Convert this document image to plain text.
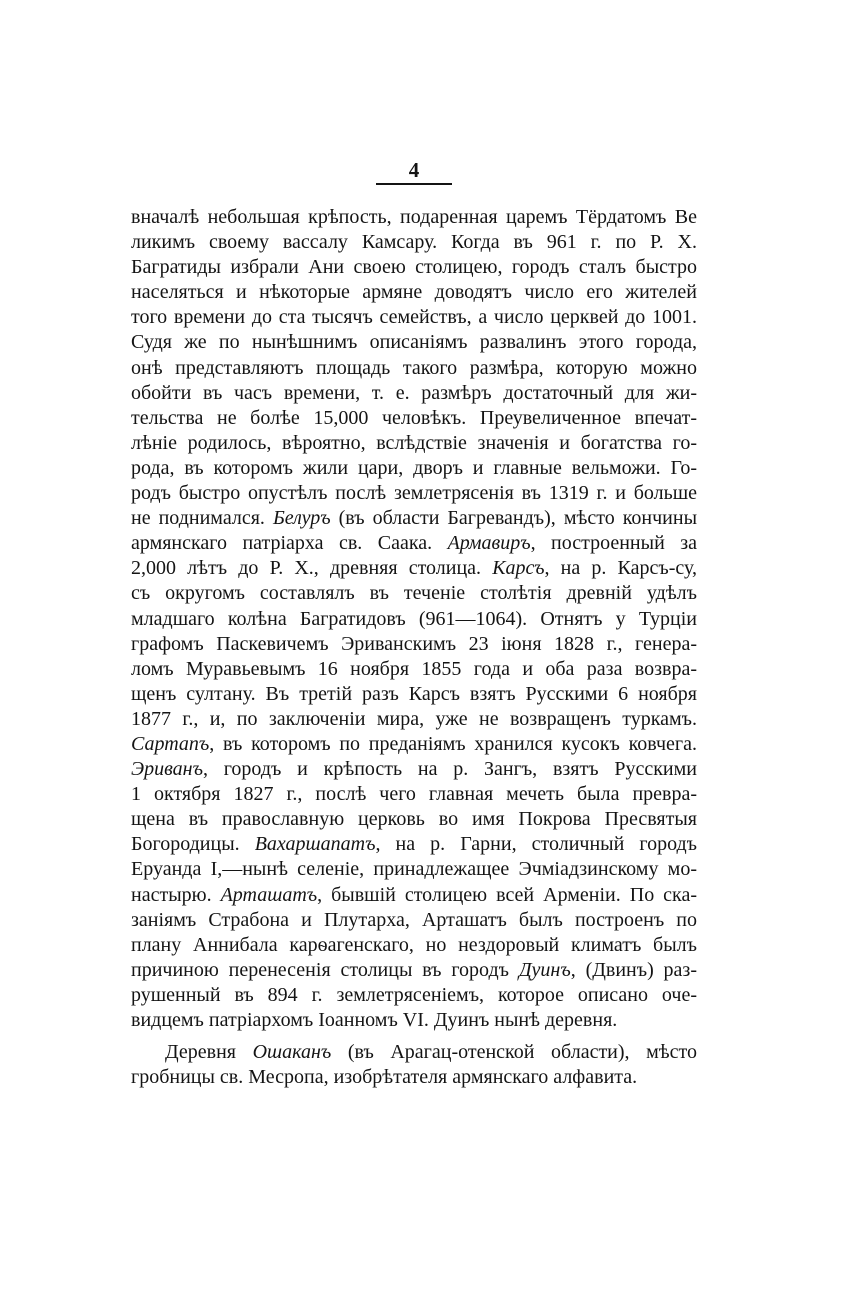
4
вначалѣ небольшая крѣпость, подаренная царемъ Тёрдатомъ Ве
ликимъ своему вассалу Камсару. Когда въ 961 г. по Р. Х.
Багратиды избрали Ани своею столицею, городъ сталъ быстро
населяться и нѣкоторые армяне доводятъ число его жителей
того времени до ста тысячъ семействъ, а число церквей до 1001.
Судя же по нынѣшнимъ описаніямъ развалинъ этого города,
онѣ представляютъ площадь такого размѣра, которую можно
обойти въ часъ времени, т. е. размѣръ достаточный для жи-
тельства не болѣе 15,000 человѣкъ. Преувеличенное впечат-
лѣніе родилось, вѣроятно, вслѣдствіе значенія и богатства го-
рода, въ которомъ жили цари, дворъ и главные вельможи. Го-
родъ быстро опустѣлъ послѣ землетрясенія въ 1319 г. и больше
не поднимался. Белуръ (въ области Багревандъ), мѣсто кончины
армянскаго патріарха св. Саака. Армавиръ, построенный за
2,000 лѣтъ до Р. Х., древняя столица. Карсъ, на р. Карсъ-су,
съ округомъ составлялъ въ теченіе столѣтія древній удѣлъ
младшаго колѣна Багратидовъ (961—1064). Отнятъ у Турціи
графомъ Паскевичемъ Эриванскимъ 23 іюня 1828 г., генера-
ломъ Муравьевымъ 16 ноября 1855 года и оба раза возвра-
щенъ султану. Въ третій разъ Карсъ взятъ Русскими 6 ноября
1877 г., и, по заключеніи мира, уже не возвращенъ туркамъ.
Сартапъ, въ которомъ по преданіямъ хранился кусокъ ковчега.
Эриванъ, городъ и крѣпость на р. Зангъ, взятъ Русскими
1 октября 1827 г., послѣ чего главная мечеть была превра-
щена въ православную церковь во имя Покрова Пресвятыя
Богородицы. Вахаршапатъ, на р. Гарни, столичный городъ
Еруанда I,—нынѣ селеніе, принадлежащее Эчміадзинскому мо-
настырю. Арташатъ, бывшій столицею всей Арменіи. По ска-
заніямъ Страбона и Плутарха, Арташатъ былъ построенъ по
плану Аннибала карѳагенскаго, но нездоровый климатъ былъ
причиною перенесенія столицы въ городъ Дуинъ, (Двинъ) раз-
рушенный въ 894 г. землетрясеніемъ, которое описано оче-
видцемъ патріархомъ Іоанномъ VI. Дуинъ нынѣ деревня.
Деревня Ошаканъ (въ Арагац-отенской области), мѣсто
гробницы св. Месропа, изобрѣтателя армянскаго алфавита.
